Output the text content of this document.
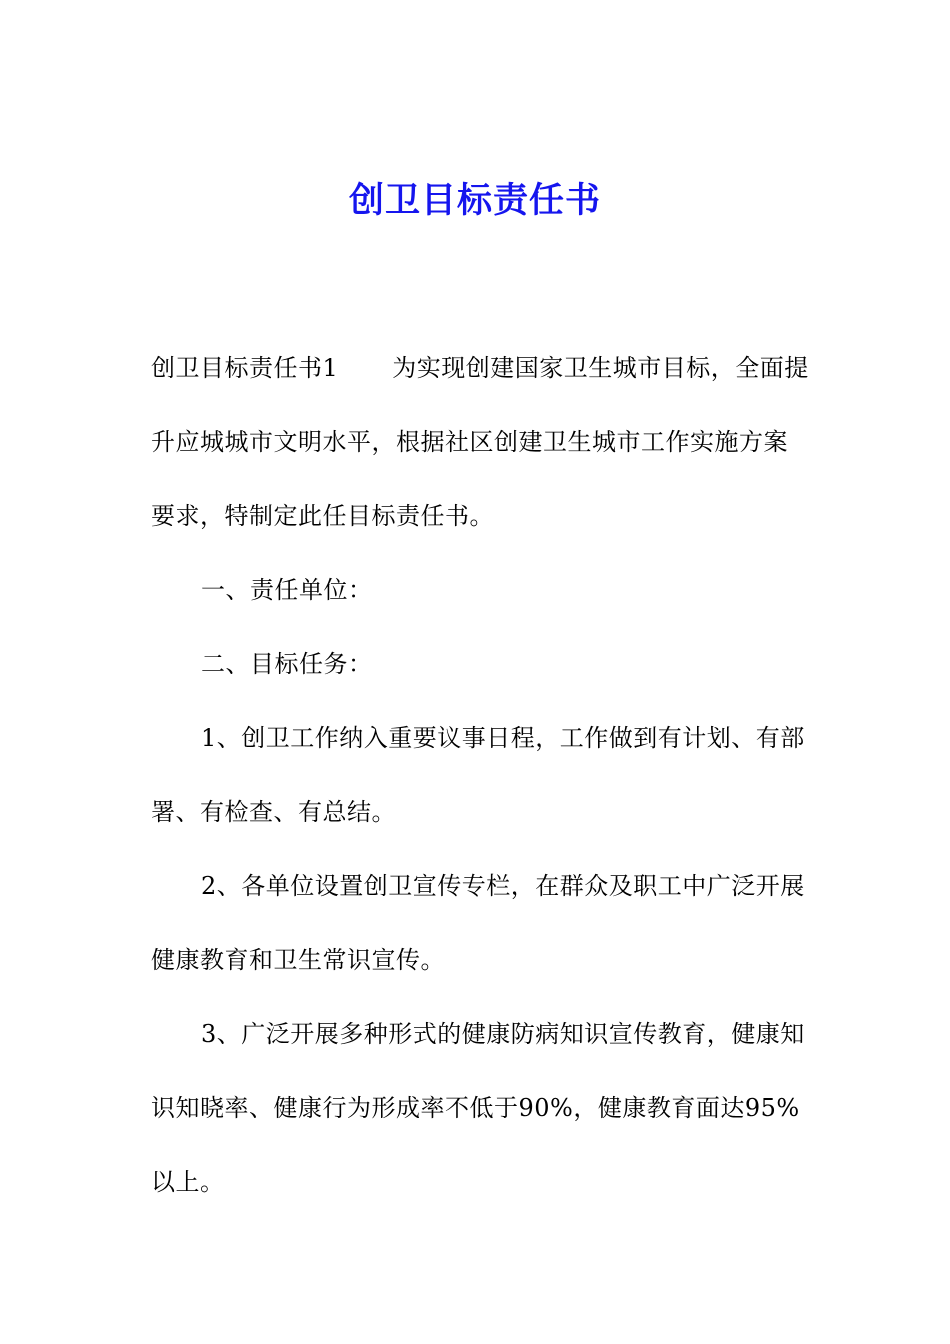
创卫目标责任书

创卫目标责任书1 为实现创建国家卫生城市目标，全面提升应城城市文明水平，根据社区创建卫生城市工作实施方案要求，特制定此任目标责任书。

一、责任单位：

二、目标任务：

1、创卫工作纳入重要议事日程，工作做到有计划、有部署、有检查、有总结。

2、各单位设置创卫宣传专栏，在群众及职工中广泛开展健康教育和卫生常识宣传。

3、广泛开展多种形式的健康防病知识宣传教育，健康知识知晓率、健康行为形成率不低于90%，健康教育面达95%以上。
